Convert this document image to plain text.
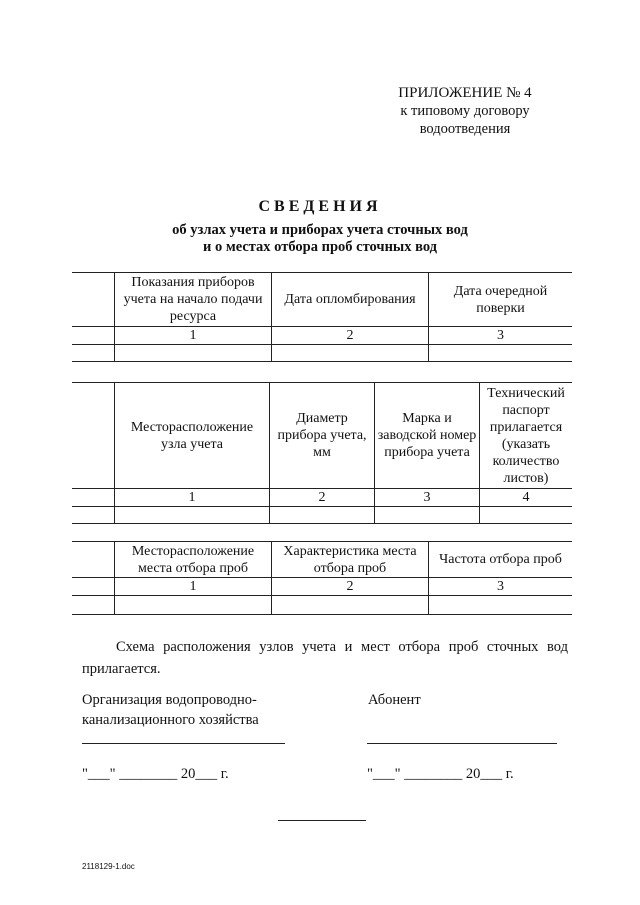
ПРИЛОЖЕНИЕ № 4
к типовому договору
водоотведения
СВЕДЕНИЯ
об узлах учета и приборах учета сточных вод
и о местах отбора проб сточных вод
	Показания приборов учета на начало подачи ресурса	Дата опломбирования	Дата очередной поверки
	1	2	3

	Месторасположение узла учета	Диаметр прибора учета, мм	Марка и заводской номер прибора учета	Технический паспорт прилагается (указать количество листов)
	1	2	3	4

	Месторасположение места отбора проб	Характеристика места отбора проб	Частота отбора проб
	1	2	3

Схема расположения узлов учета и мест отбора проб сточных вод прилагается.
Организация водопроводно-канализационного хозяйства
Абонент
"___" ________ 20___ г.	"___" ________ 20___ г.
2118129-1.doc
